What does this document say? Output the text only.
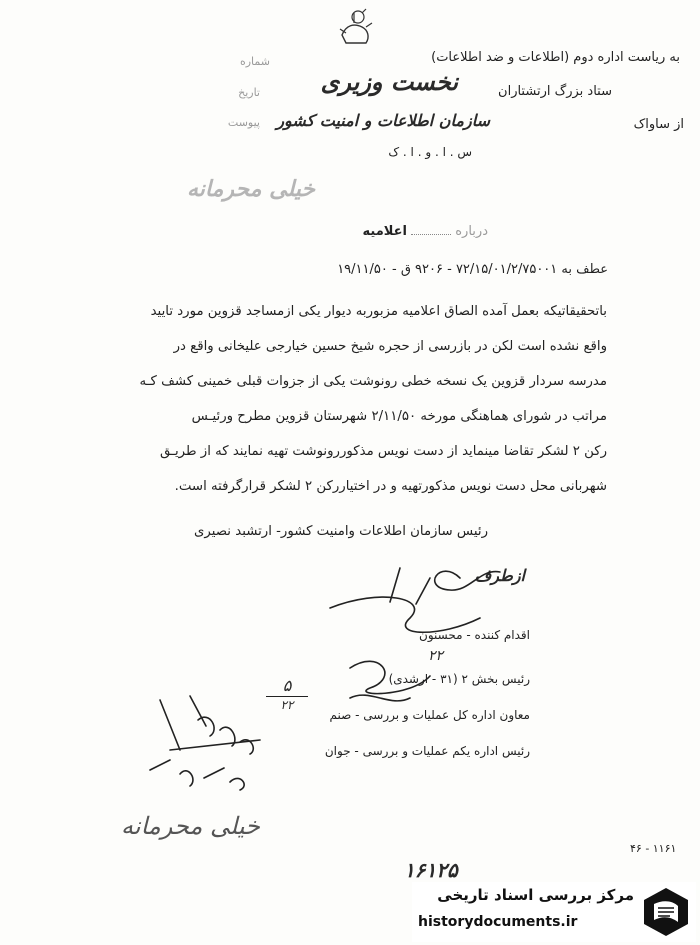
نخست وزیری
سازمان اطلاعات و امنیت کشور
س . ا . و . ا . ک
شماره
تاریخ
پیوست
به ریاست اداره دوم (اطلاعات و ضد اطلاعات)
ستاد بزرگ ارتشتاران
از ساواک
خیلی محرمانه
درباره  اعلامیه
عطف به ۷۲/۱۵/۰۱/۲/۷۵۰۰۱ - ۹۲۰۶ ق - ۱۹/۱۱/۵۰
باتحقیقاتیکه بعمل آمده الصاق اعلامیه مزبوربه دیوار یکی ازمساجد قزوین مورد تایید
واقع نشده است لکن در بازرسی از حجره شیخ حسین خیارجی علیخانی واقع در
مدرسه سردار قزوین یک نسخه خطی رونوشت یکی از جزوات قبلی خمینی کشف کـه
مراتب در شورای هماهنگی مورخه ۲/۱۱/۵۰ شهرستان قزوین مطرح ورئیـس
رکن ۲ لشکر تقاضا مینماید از دست نویس مذکوررونوشت تهیه نمایند که از طریـق
شهربانی محل دست نویس مذکورتهیه و در اختیاررکن ۲ لشکر قرارگرفته است.
رئیس سازمان اطلاعات وامنیت کشور- ارتشبد نصیری
ازطرف
۲۲
اقدام کننده - محسنون
رئیس بخش ۲ (۳۱ - ارشدی)
معاون اداره کل عملیات و بررسی - صنم
رئیس اداره یکم عملیات و بررسی - جوان
۵
۲۲
خیلی محرمانه
۴۶ - ۱۱۶۱
۱۶۱۲۵
مرکز بررسی اسناد تاریخی
historydocuments.ir
